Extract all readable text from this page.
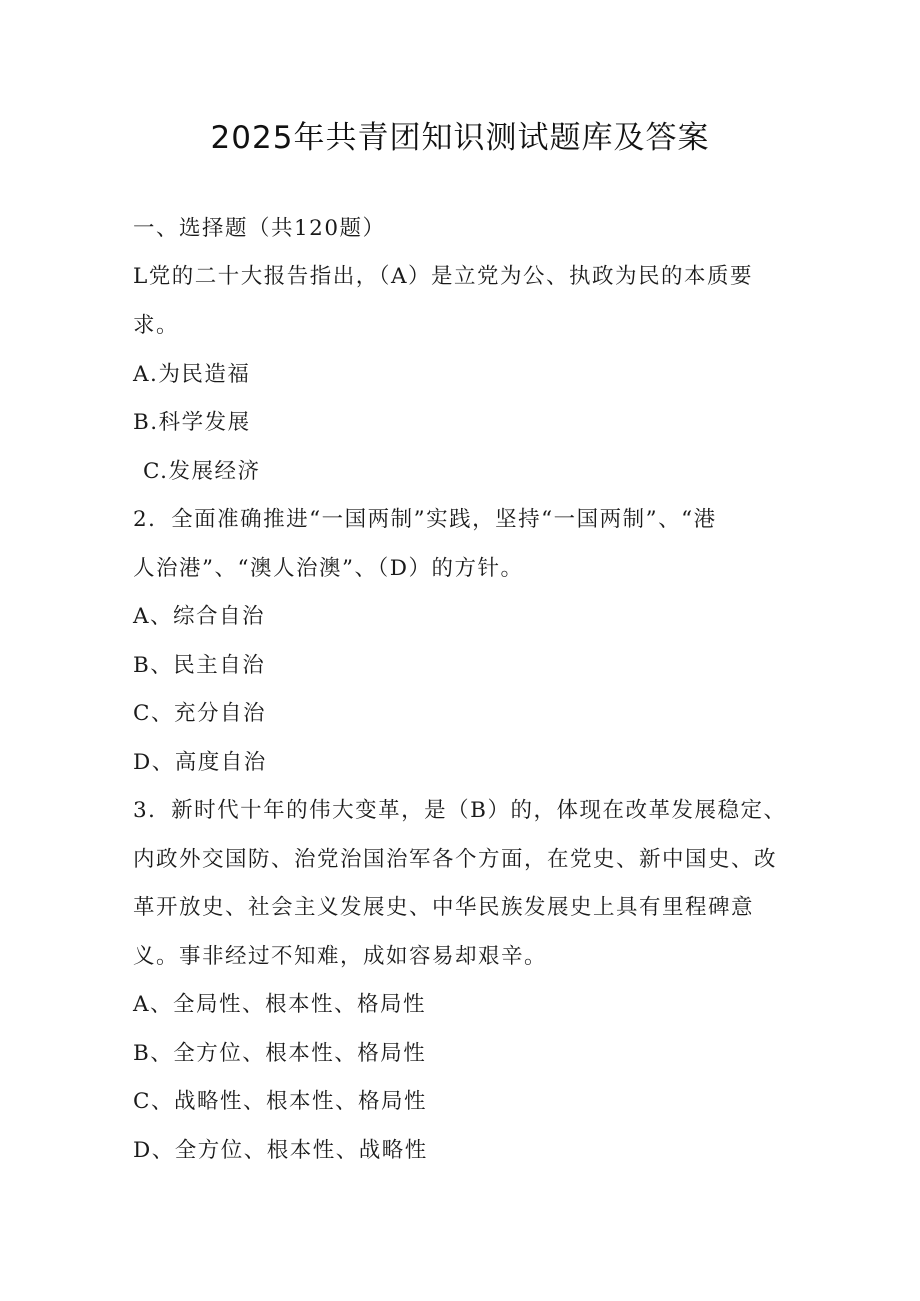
2025年共青团知识测试题库及答案

一、选择题（共120题）

L党的二十大报告指出，（A）是立党为公、执政为民的本质要

求。

A.为民造福

B.科学发展

C.发展经济

2．全面准确推进“一国两制”实践，坚持“一国两制”、“港

人治港”、“澳人治澳”、（D）的方针。

A、综合自治

B、民主自治

C、充分自治

D、高度自治

3．新时代十年的伟大变革，是（B）的，体现在改革发展稳定、

内政外交国防、治党治国治军各个方面，在党史、新中国史、改

革开放史、社会主义发展史、中华民族发展史上具有里程碑意

义。事非经过不知难，成如容易却艰辛。

A、全局性、根本性、格局性

B、全方位、根本性、格局性

C、战略性、根本性、格局性

D、全方位、根本性、战略性
